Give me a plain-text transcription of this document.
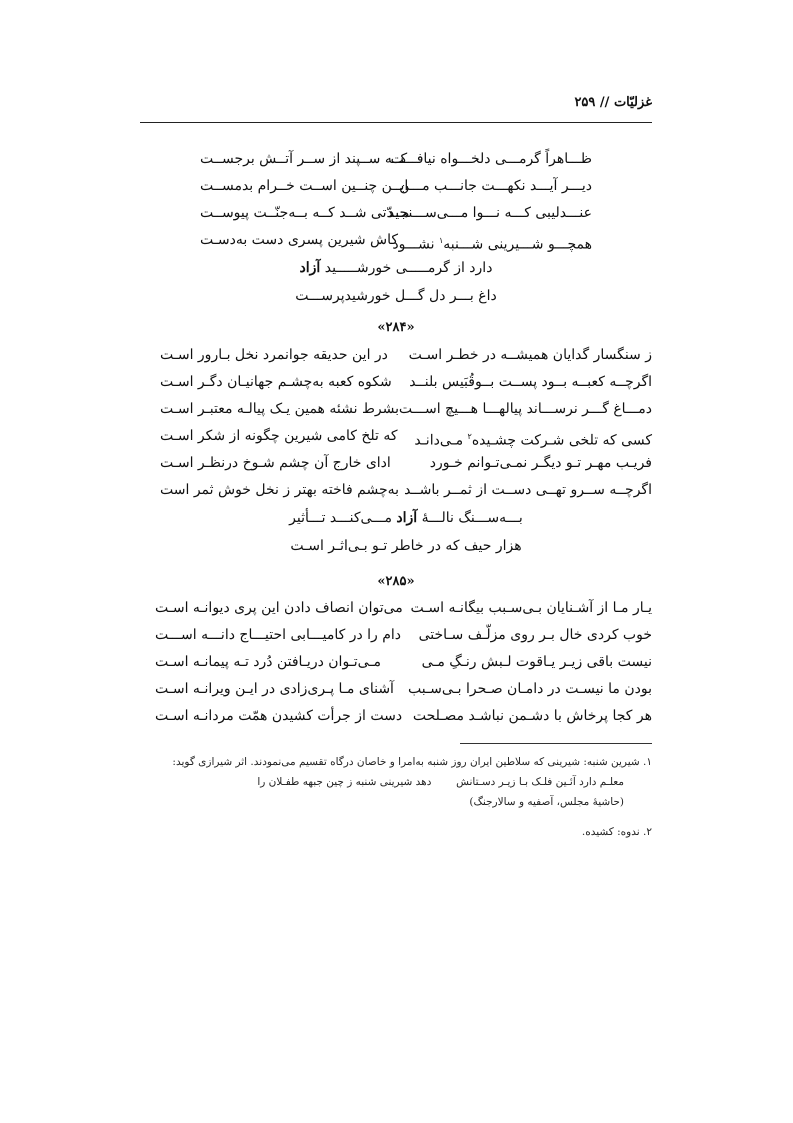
غزلیّات // ۲۵۹
ظـــاهراً گرمـــی دلخـــواه نیافـــت
کــه ســپند از ســر آتــش برجســت
دیـــر آیـــد نکهـــت جانـــب مـــن
ایــن چنــین اســت خــرام بدمســت
عنـــدلیبی کـــه نـــوا مـــی‌ســـنجید
مــدّتی شــد کــه بــه‌جنّــت پیوســت
همچـــو شـــیرینی شـــنبه$^۱$ نشـــود
کاش شیرین پسری دست به‌دسـت
دارد از گرمـــــی خورشـــــید آزاد
داغ بـــر دل گـــل خورشیدپرســـت
«۲۸۴»
ز سنگسار گدایان همیشــه در خطـر اسـت
در این حدیقه جوانمرد نخل بـارور اسـت
اگرچــه کعبــه بــود پســت بــوقُبَیس بلنــد
شکوه کعبه به‌چشـم جهانیـان دگـر اسـت
دمـــاغ گـــر نرســـاند پیالهـــا هـــیچ اســـت
بشرط نشئه همین یـک پیالـه معتبـر اسـت
کسی که تلخی شـرکت چشـیده$^۲$ مـی‌دانـد
که تلخ کامی شیرین چگونه از شکر اسـت
فریـب مهـر تـو دیگـر نمـی‌تـوانم خـورد
ادای خارج آن چشم شـوخ درنظـر اسـت
اگرچــه ســرو تهــی دســت از ثمــر باشــد
به‌چشم فاخته بهتر ز نخل خوش ثمر است
بـــه‌ســـنگ نالـــهٔ آزاد مـــی‌کنـــد تـــأثیر
هزار حیف که در خاطر تـو بـی‌اثـر اسـت
«۲۸۵»
یـار مـا از آشـنایان بـی‌سـبب بیگانـه اسـت
می‌توان انصاف دادن این پری دیوانـه اسـت
خوب کردی خال بـر روی مزلّـف سـاختی
دام را در کامیـــابی احتیـــاج دانـــه اســـت
نیست باقی زیـر یـاقوت لـبش رنـگِ مـی
مـی‌تـوان دریـافتن دُرد تـه پیمانـه اسـت
بودن ما نیسـت در دامـان صـحرا بـی‌سـبب
آشنای مـا پـری‌زادی در ایـن ویرانـه اسـت
هر کجا پرخاش با دشـمن نباشـد مصـلحت
دست از جرأت کشیدن همّت مردانـه اسـت
۱. شیرین شنبه: شیرینی که سلاطین ایران روز شنبه به‌امرا و خاصان درگاه تقسیم می‌نمودند. اثر شیرازی گوید:
معلـم دارد آئـین فلـک بـا زیـر دسـتانش  دهد شیرینی شنبه ز چین جبهه طفـلان را
(حاشیهٔ مجلس، آصفیه و سالارجنگ)
۲. ندوه: کشیده.
